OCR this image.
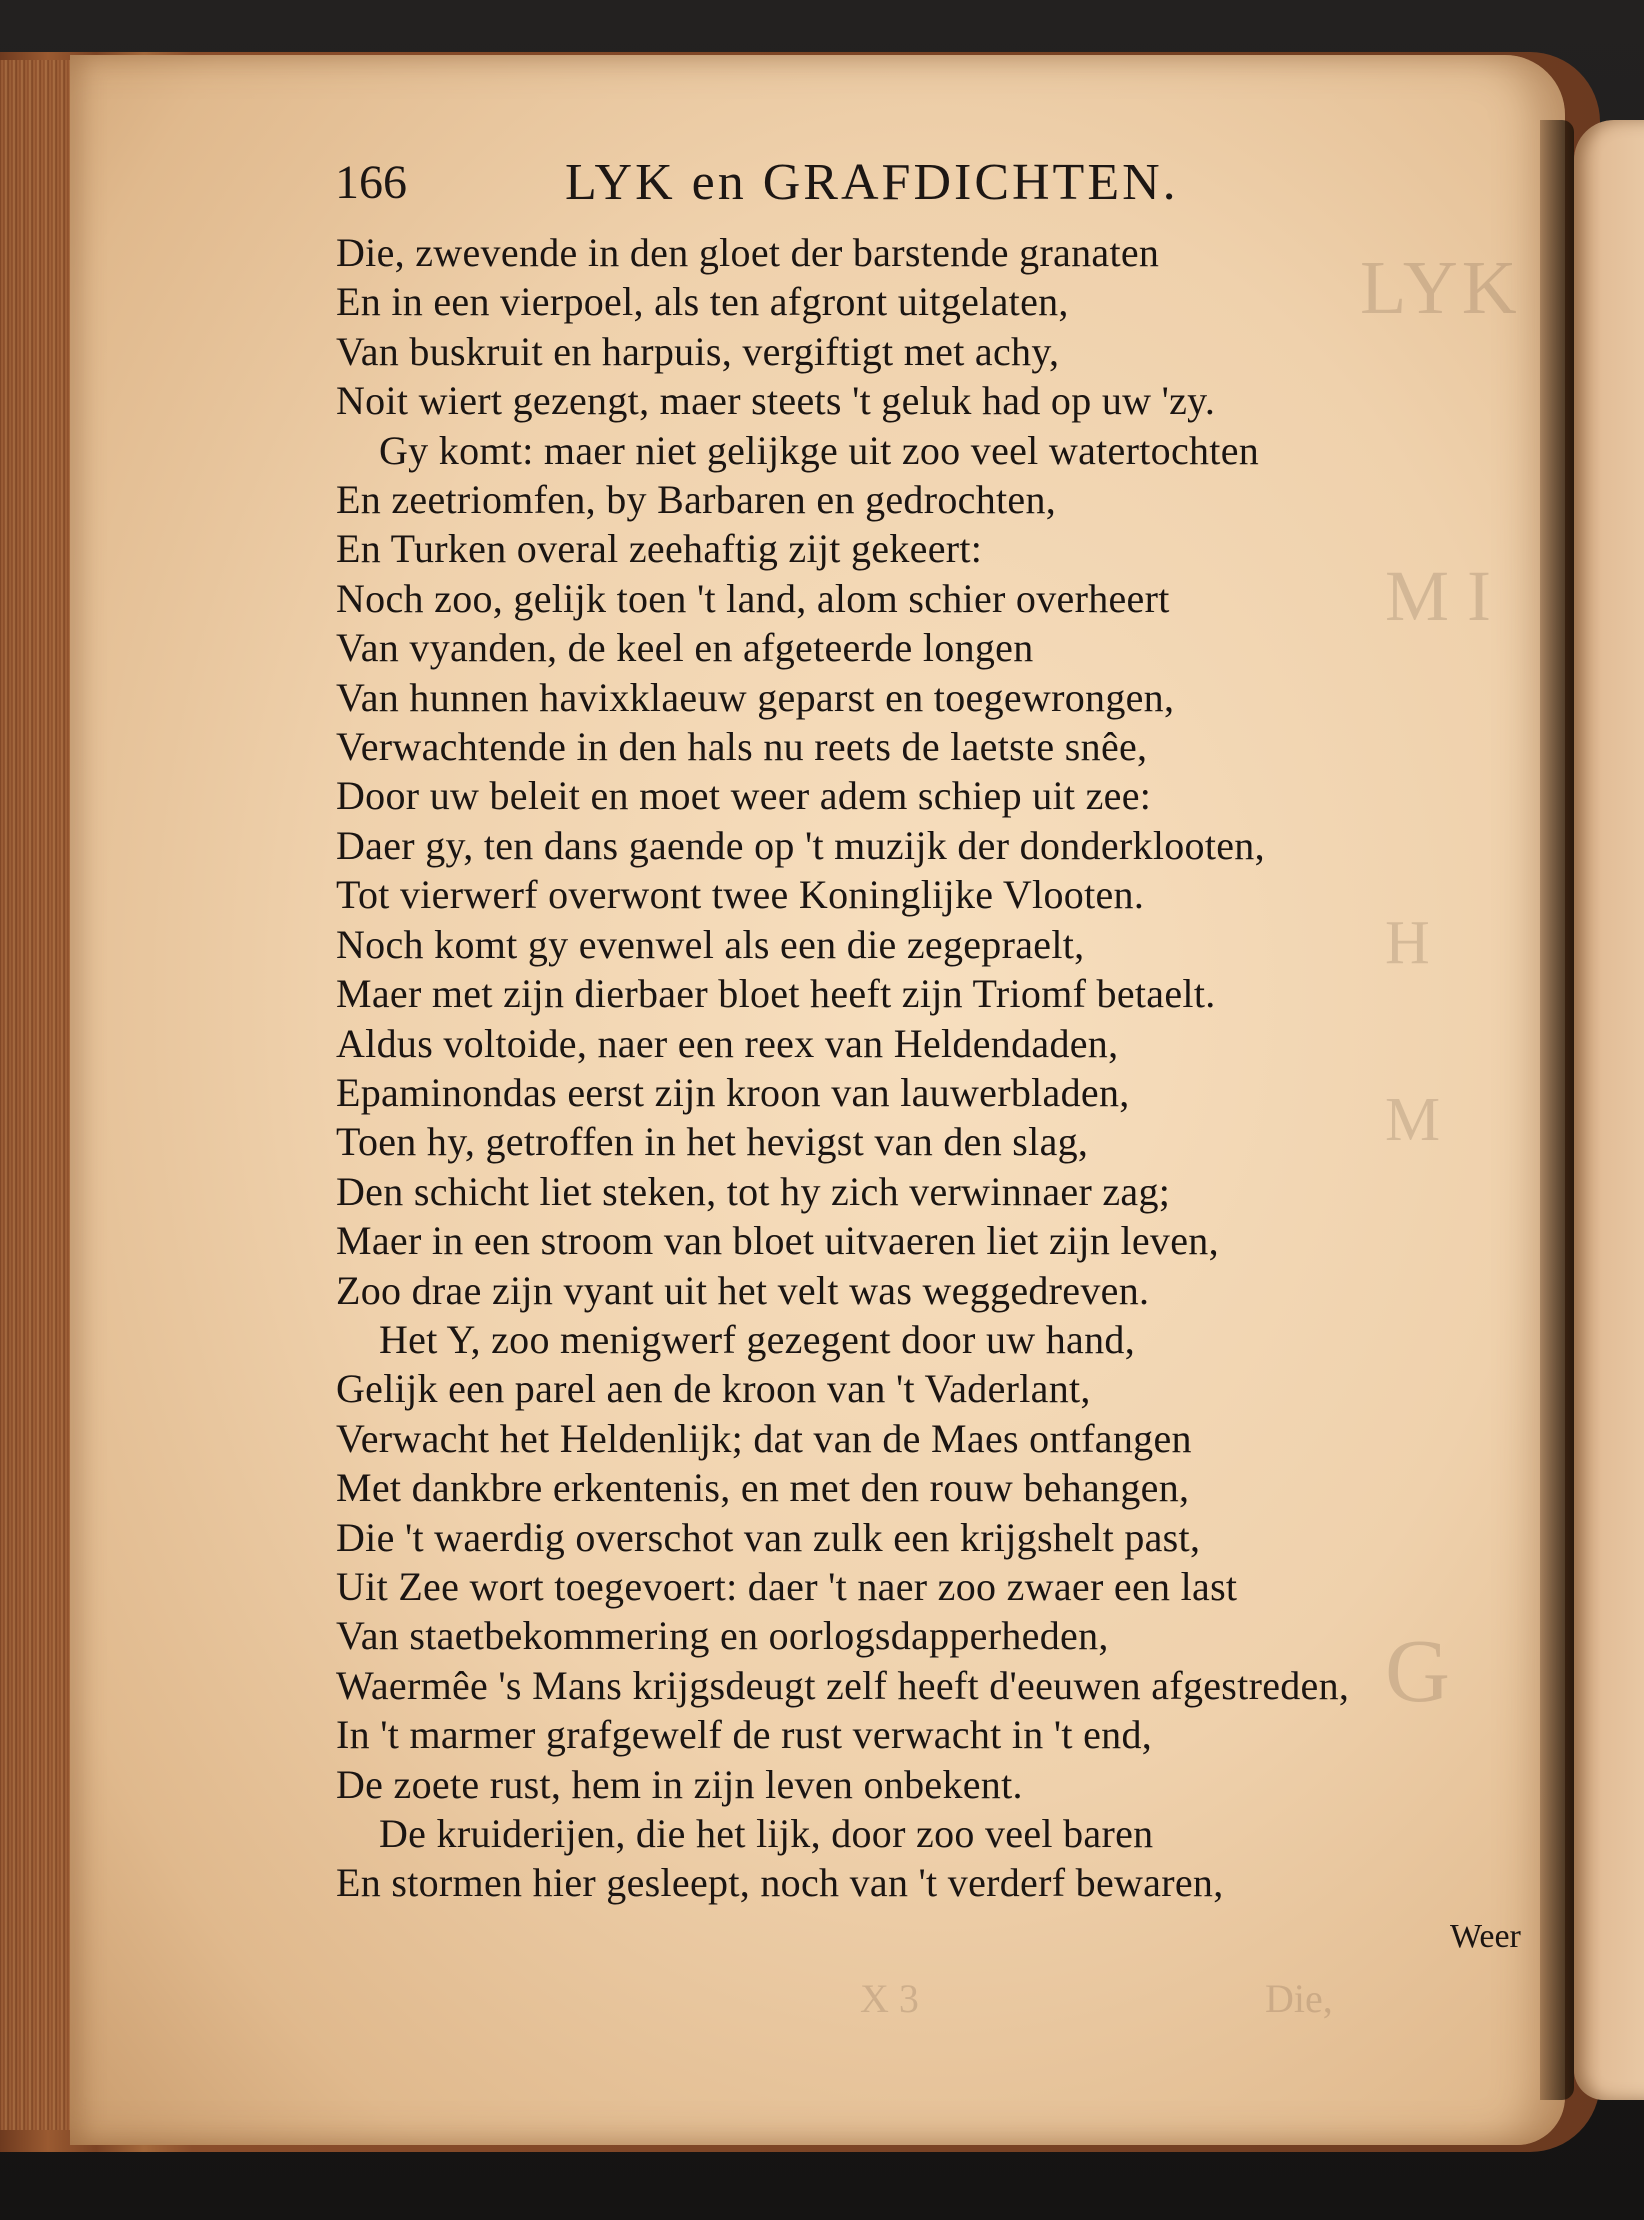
LYK
M I
H
M
G
X 3	Die,
166	LYK en GRAFDICHTEN.
Die, zwevende in den gloet der barstende granaten
En in een vierpoel, als ten afgront uitgelaten,
Van buskruit en harpuis, vergiftigt met achy,
Noit wiert gezengt, maer steets 't geluk had op uw 'zy.
Gy komt: maer niet gelijkge uit zoo veel watertochten
En zeetriomfen, by Barbaren en gedrochten,
En Turken overal zeehaftig zijt gekeert:
Noch zoo, gelijk toen 't land, alom schier overheert
Van vyanden, de keel en afgeteerde longen
Van hunnen havixklaeuw geparst en toegewrongen,
Verwachtende in den hals nu reets de laetste snêe,
Door uw beleit en moet weer adem schiep uit zee:
Daer gy, ten dans gaende op 't muzijk der donderklooten,
Tot vierwerf overwont twee Koninglijke Vlooten.
Noch komt gy evenwel als een die zegepraelt,
Maer met zijn dierbaer bloet heeft zijn Triomf betaelt.
Aldus voltoide, naer een reex van Heldendaden,
Epaminondas eerst zijn kroon van lauwerbladen,
Toen hy, getroffen in het hevigst van den slag,
Den schicht liet steken, tot hy zich verwinnaer zag;
Maer in een stroom van bloet uitvaeren liet zijn leven,
Zoo drae zijn vyant uit het velt was weggedreven.
Het Y, zoo menigwerf gezegent door uw hand,
Gelijk een parel aen de kroon van 't Vaderlant,
Verwacht het Heldenlijk; dat van de Maes ontfangen
Met dankbre erkentenis, en met den rouw behangen,
Die 't waerdig overschot van zulk een krijgshelt past,
Uit Zee wort toegevoert: daer 't naer zoo zwaer een last
Van staetbekommering en oorlogsdapperheden,
Waermêe 's Mans krijgsdeugt zelf heeft d'eeuwen afgestreden,
In 't marmer grafgewelf de rust verwacht in 't end,
De zoete rust, hem in zijn leven onbekent.
De kruiderijen, die het lijk, door zoo veel baren
En stormen hier gesleept, noch van 't verderf bewaren,
Weer
